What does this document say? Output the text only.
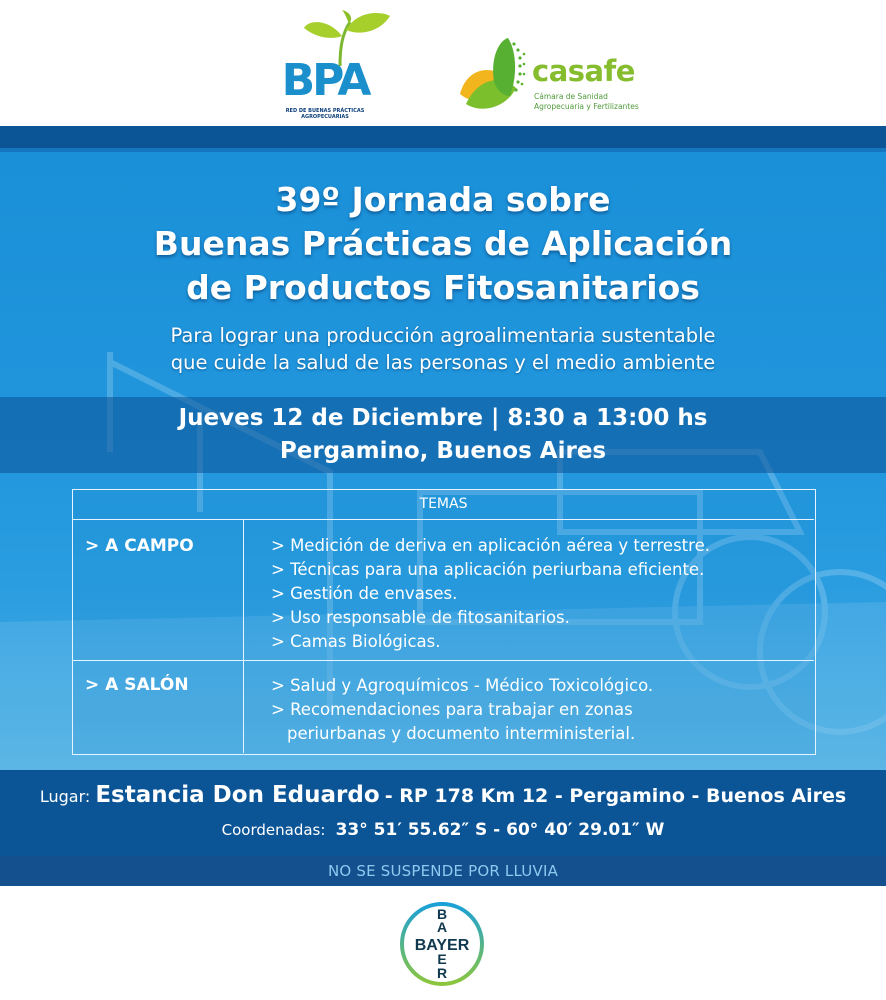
BPA
RED DE BUENAS PRÁCTICAS AGROPECUARIAS
casafe
Cámara de Sanidad
Agropecuaria y Fertilizantes
39º Jornada sobre
Buenas Prácticas de Aplicación
de Productos Fitosanitarios
Para lograr una producción agroalimentaria sustentable
que cuide la salud de las personas y el medio ambiente
Jueves 12 de Diciembre | 8:30 a 13:00 hs
Pergamino, Buenos Aires
TEMAS
> A CAMPO	> Medición de deriva en aplicación aérea y terrestre.
> Técnicas para una aplicación periurbana eficiente.
> Gestión de envases.
> Uso responsable de fitosanitarios.
> Camas Biológicas.
> A SALÓN	> Salud y Agroquímicos - Médico Toxicológico.
> Recomendaciones para trabajar en zonas
periurbanas y documento interministerial.
Lugar: Estancia Don Eduardo - RP 178 Km 12 - Pergamino - Buenos Aires
Coordenadas: 33° 51′ 55.62″ S - 60° 40′ 29.01″ W
NO SE SUSPENDE POR LLUVIA
BAYER
B
A
E
R
